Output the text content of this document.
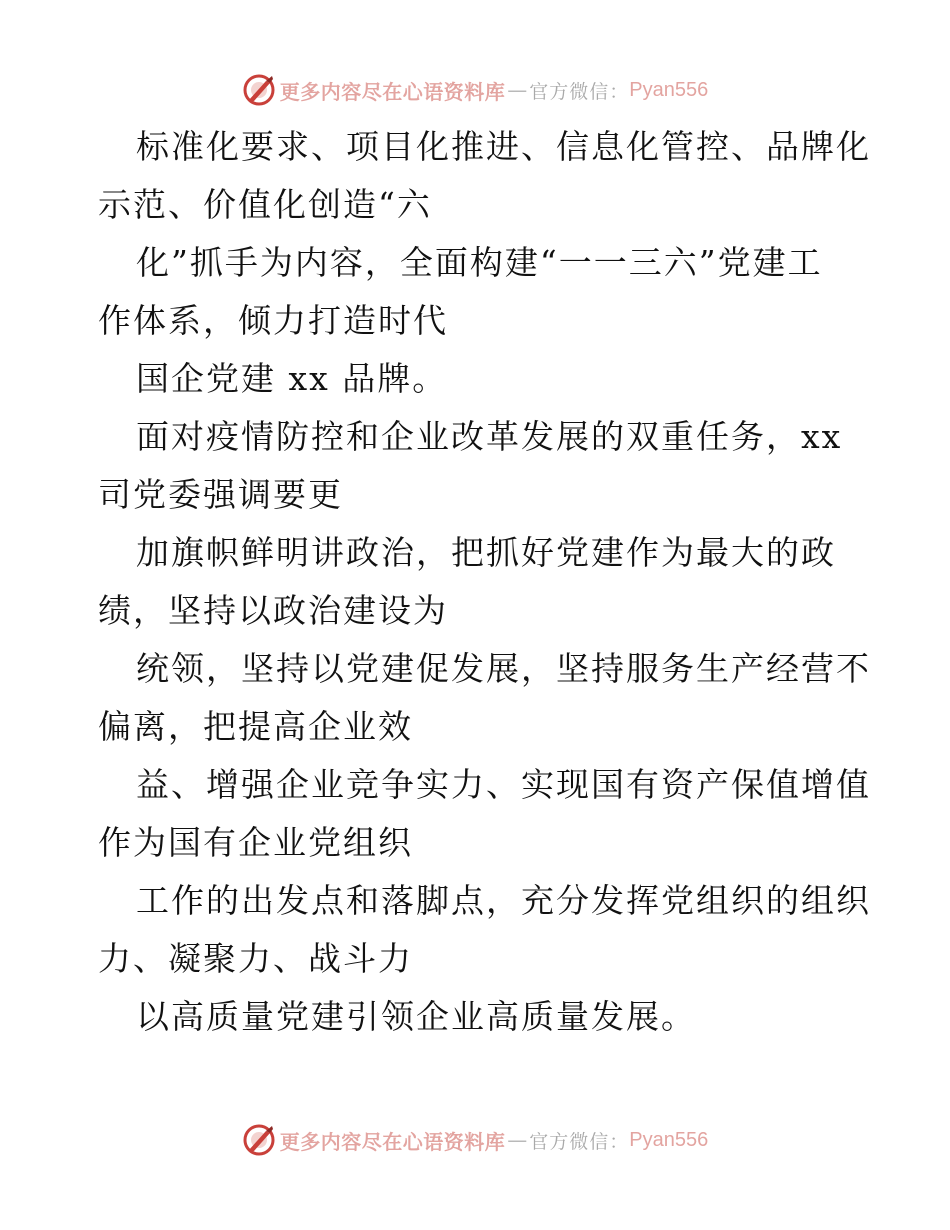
更多内容尽在心语资料库 — 官方微信： Pyan556
标准化要求、项目化推进、信息化管控、品牌化
示范、价值化创造“六
化”抓手为内容，全面构建“一一三六”党建工
作体系，倾力打造时代
国企党建 xx 品牌。
面对疫情防控和企业改革发展的双重任务，xx
司党委强调要更
加旗帜鲜明讲政治，把抓好党建作为最大的政
绩，坚持以政治建设为
统领，坚持以党建促发展，坚持服务生产经营不
偏离，把提高企业效
益、增强企业竞争实力、实现国有资产保值增值
作为国有企业党组织
工作的出发点和落脚点，充分发挥党组织的组织
力、凝聚力、战斗力
以高质量党建引领企业高质量发展。
更多内容尽在心语资料库 — 官方微信： Pyan556
